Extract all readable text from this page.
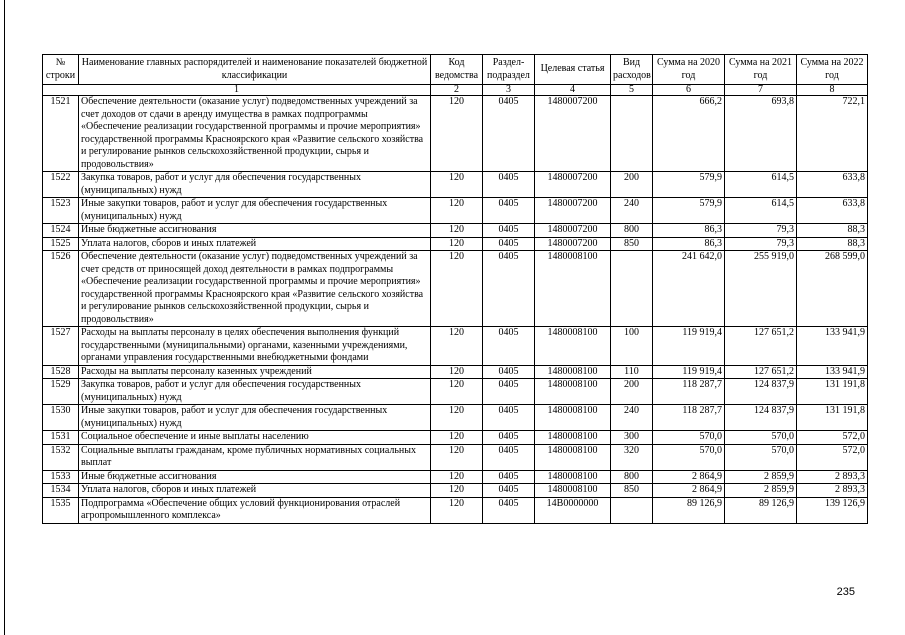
№ строки	Наименование главных распорядителей и наименование показателей бюджетной классификации	Код ведомства	Раздел-подраздел	Целевая статья	Вид расходов	Сумма на 2020 год	Сумма на 2021 год	Сумма на 2022 год
1		2	3	4	5	6	7	8
1521	Обеспечение деятельности (оказание услуг) подведомственных учреждений за счет доходов от сдачи в аренду имущества в рамках подпрограммы «Обеспечение реализации государственной программы и прочие мероприятия» государственной программы Красноярского края «Развитие сельского хозяйства и регулирование рынков сельскохозяйственной продукции, сырья и продовольствия»	120	0405	1480007200		666,2	693,8	722,1
1522	Закупка товаров, работ и услуг для обеспечения государственных (муниципальных) нужд	120	0405	1480007200	200	579,9	614,5	633,8
1523	Иные закупки товаров, работ и услуг для обеспечения государственных (муниципальных) нужд	120	0405	1480007200	240	579,9	614,5	633,8
1524	Иные бюджетные ассигнования	120	0405	1480007200	800	86,3	79,3	88,3
1525	Уплата налогов, сборов и иных платежей	120	0405	1480007200	850	86,3	79,3	88,3
1526	Обеспечение деятельности (оказание услуг) подведомственных учреждений за счет средств от приносящей доход деятельности в рамках подпрограммы «Обеспечение реализации государственной программы и прочие мероприятия» государственной программы Красноярского края «Развитие сельского хозяйства и регулирование рынков сельскохозяйственной продукции, сырья и продовольствия»	120	0405	1480008100		241 642,0	255 919,0	268 599,0
1527	Расходы на выплаты персоналу в целях обеспечения выполнения функций государственными (муниципальными) органами, казенными учреждениями, органами управления государственными внебюджетными фондами	120	0405	1480008100	100	119 919,4	127 651,2	133 941,9
1528	Расходы на выплаты персоналу казенных учреждений	120	0405	1480008100	110	119 919,4	127 651,2	133 941,9
1529	Закупка товаров, работ и услуг для обеспечения государственных (муниципальных) нужд	120	0405	1480008100	200	118 287,7	124 837,9	131 191,8
1530	Иные закупки товаров, работ и услуг для обеспечения государственных (муниципальных) нужд	120	0405	1480008100	240	118 287,7	124 837,9	131 191,8
1531	Социальное обеспечение и иные выплаты населению	120	0405	1480008100	300	570,0	570,0	572,0
1532	Социальные выплаты гражданам, кроме публичных нормативных социальных выплат	120	0405	1480008100	320	570,0	570,0	572,0
1533	Иные бюджетные ассигнования	120	0405	1480008100	800	2 864,9	2 859,9	2 893,3
1534	Уплата налогов, сборов и иных платежей	120	0405	1480008100	850	2 864,9	2 859,9	2 893,3
1535	Подпрограмма «Обеспечение общих условий функционирования отраслей агропромышленного комплекса»	120	0405	14В0000000		89 126,9	89 126,9	139 126,9
235
